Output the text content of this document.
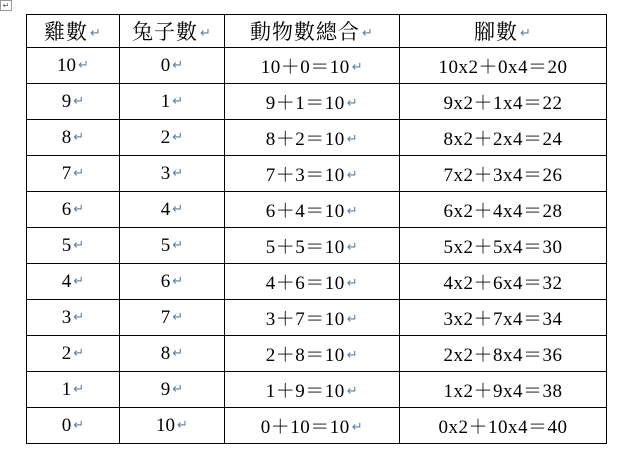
↵
雞數 ↵	兔子數 ↵	動物數總合 ↵	腳數 ↵
10 ↵	0 ↵	10＋0＝10 ↵	10x2＋0x4＝20
9 ↵	1 ↵	9＋1＝10 ↵	9x2＋1x4＝22
8 ↵	2 ↵	8＋2＝10 ↵	8x2＋2x4＝24
7 ↵	3 ↵	7＋3＝10 ↵	7x2＋3x4＝26
6 ↵	4 ↵	6＋4＝10 ↵	6x2＋4x4＝28
5 ↵	5 ↵	5＋5＝10 ↵	5x2＋5x4＝30
4 ↵	6 ↵	4＋6＝10 ↵	4x2＋6x4＝32
3 ↵	7 ↵	3＋7＝10 ↵	3x2＋7x4＝34
2 ↵	8 ↵	2＋8＝10 ↵	2x2＋8x4＝36
1 ↵	9 ↵	1＋9＝10 ↵	1x2＋9x4＝38
0 ↵	10 ↵	0＋10＝10 ↵	0x2＋10x4＝40
